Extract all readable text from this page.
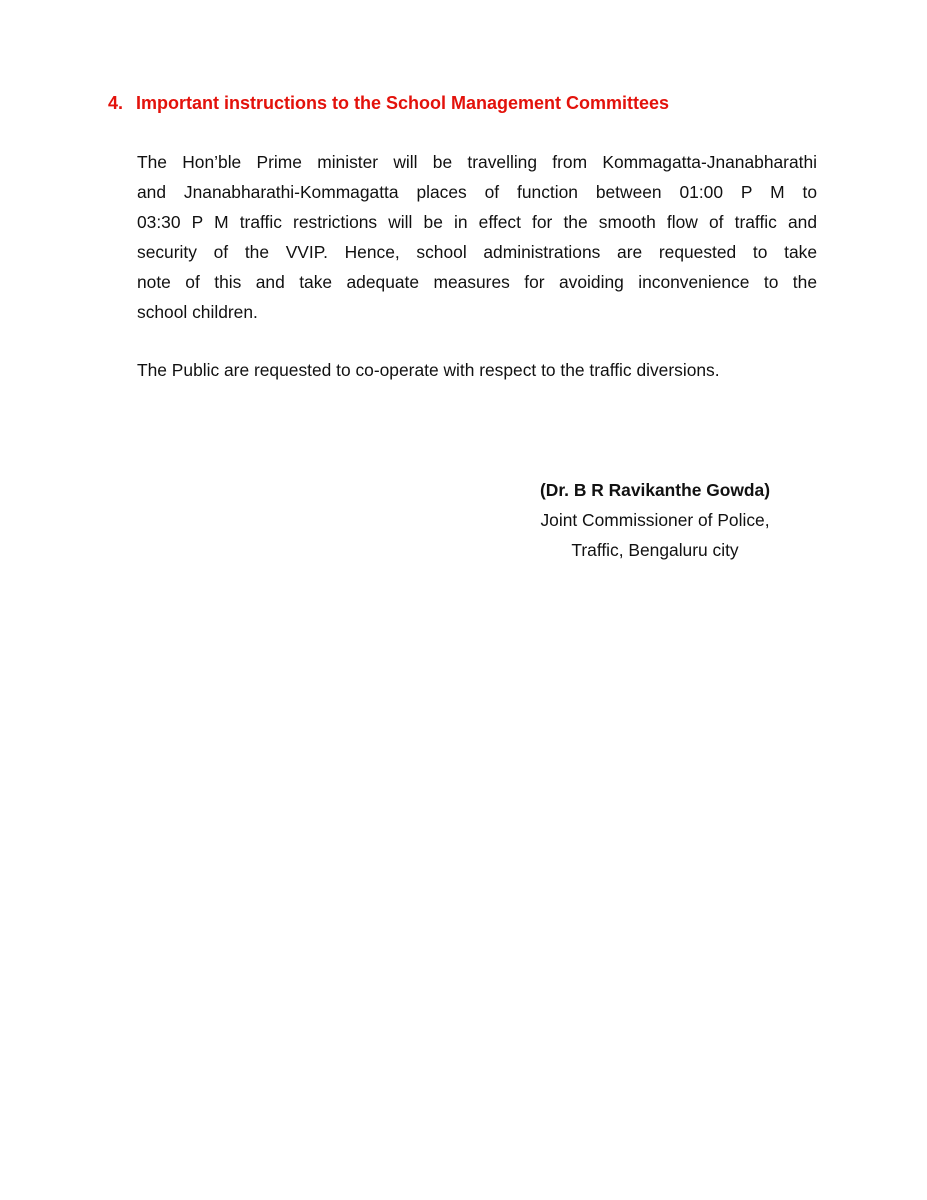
4. Important instructions to the School Management Committees
The Hon’ble Prime minister will be travelling from Kommagatta-Jnanabharathi
and Jnanabharathi-Kommagatta places of function between 01:00 P M to
03:30 P M traffic restrictions will be in effect for the smooth flow of traffic and
security of the VVIP. Hence, school administrations are requested to take
note of this and take adequate measures for avoiding inconvenience to the
school children.
The Public are requested to co-operate with respect to the traffic diversions.
(Dr. B R Ravikanthe Gowda)
Joint Commissioner of Police,
Traffic, Bengaluru city
